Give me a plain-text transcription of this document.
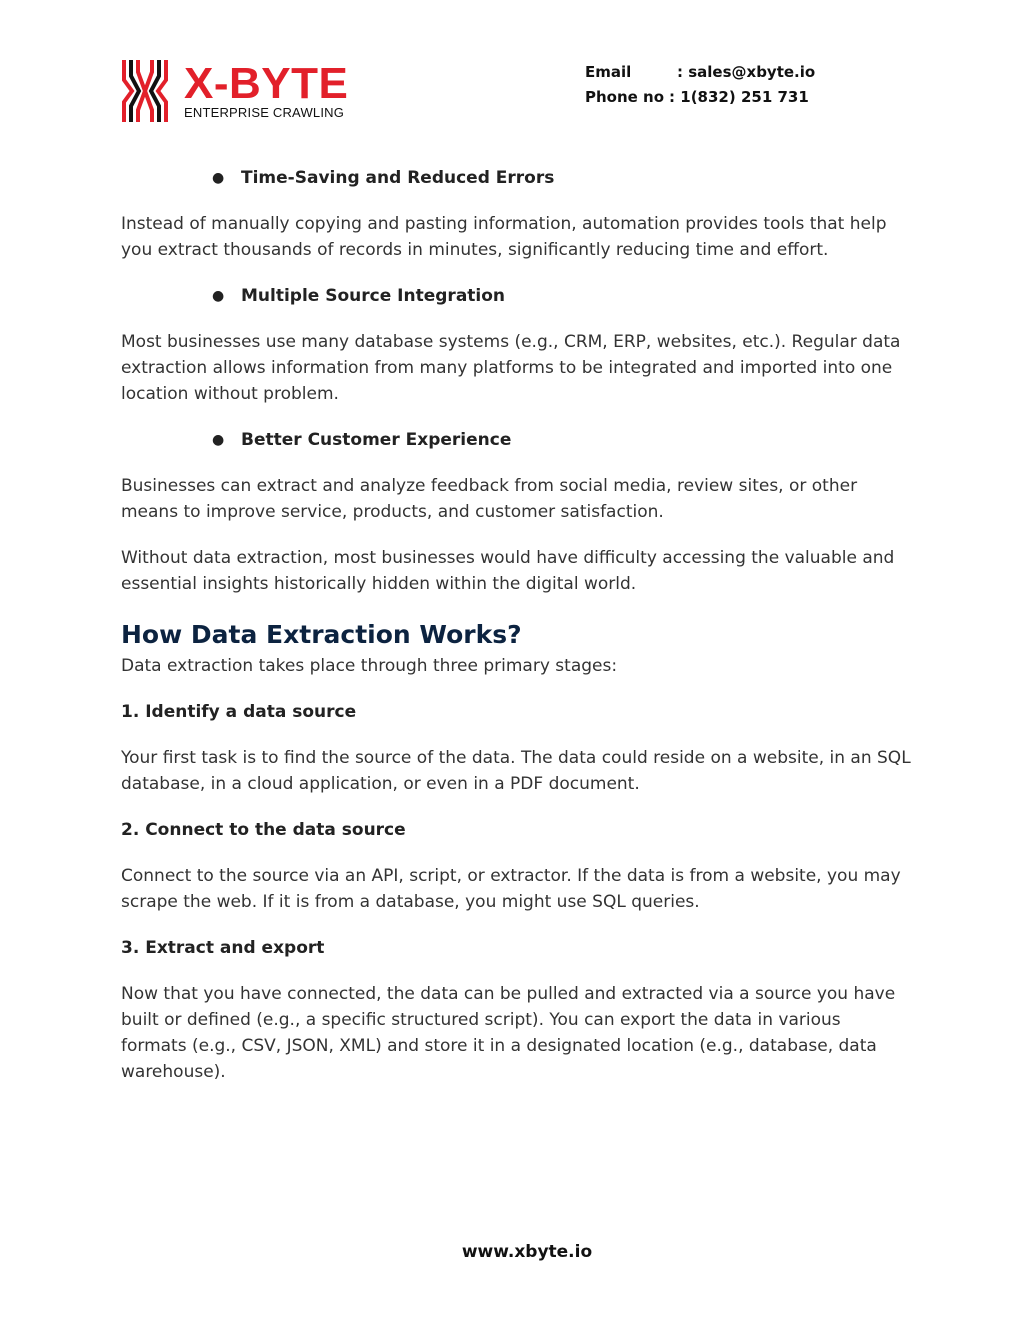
X-BYTE
ENTERPRISE CRAWLING
Email	: sales@xbyte.io
Phone no : 1(832) 251 731
● Time-Saving and Reduced Errors

Instead of manually copying and pasting information, automation provides tools that help you extract thousands of records in minutes, significantly reducing time and effort.

● Multiple Source Integration

Most businesses use many database systems (e.g., CRM, ERP, websites, etc.). Regular data extraction allows information from many platforms to be integrated and imported into one location without problem.

● Better Customer Experience

Businesses can extract and analyze feedback from social media, review sites, or other means to improve service, products, and customer satisfaction.

Without data extraction, most businesses would have difficulty accessing the valuable and essential insights historically hidden within the digital world.

How Data Extraction Works?

Data extraction takes place through three primary stages:

1. Identify a data source

Your first task is to find the source of the data. The data could reside on a website, in an SQL database, in a cloud application, or even in a PDF document.

2. Connect to the data source

Connect to the source via an API, script, or extractor. If the data is from a website, you may scrape the web. If it is from a database, you might use SQL queries.

3. Extract and export

Now that you have connected, the data can be pulled and extracted via a source you have built or defined (e.g., a specific structured script). You can export the data in various formats (e.g., CSV, JSON, XML) and store it in a designated location (e.g., database, data warehouse).

www.xbyte.io
